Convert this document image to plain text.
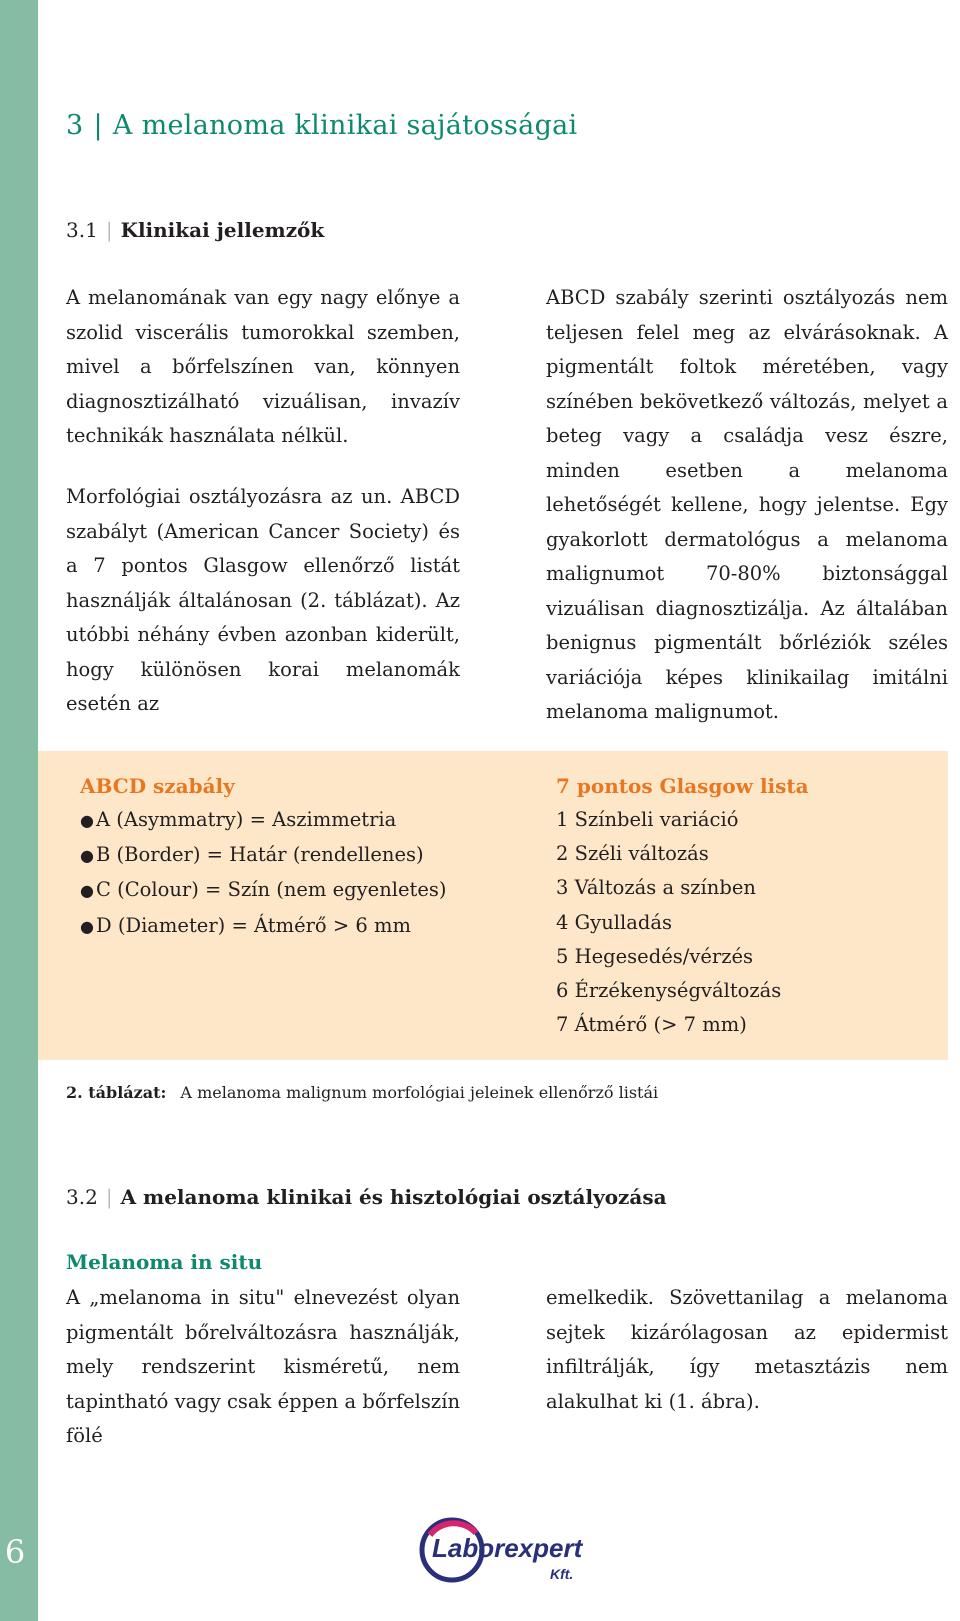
6
3 | A melanoma klinikai sajátosságai
3.1 | Klinikai jellemzők

A melanomának van egy nagy előnye a szolid viscerális tumorokkal szemben, mivel a bőrfelszínen van, könnyen diagnosztizálható vizuálisan, invazív technikák használata nélkül.

Morfológiai osztályozásra az un. ABCD szabályt (American Cancer Society) és a 7 pontos Glasgow ellenőrző listát használják általánosan (2. táblázat). Az utóbbi néhány évben azonban kiderült, hogy különösen korai melanomák esetén az

ABCD szabály szerinti osztályozás nem teljesen felel meg az elvárásoknak. A pigmentált foltok méretében, vagy színében bekövetkező változás, melyet a beteg vagy a családja vesz észre, minden esetben a melanoma lehetőségét kellene, hogy jelentse. Egy gyakorlott dermatológus a melanoma malignumot 70-80% biztonsággal vizuálisan diagnosztizálja. Az általában benignus pigmentált bőrléziók széles variációja képes klinikailag imitálni melanoma malignumot.

ABCD szabály

● A (Asymmatry) = Aszimmetria
● B (Border) = Határ (rendellenes)
● C (Colour) = Szín (nem egyenletes)
● D (Diameter) = Átmérő > 6 mm

7 pontos Glasgow lista

1 Színbeli variáció
2 Széli változás
3 Változás a színben
4 Gyulladás
5 Hegesedés/vérzés
6 Érzékenységváltozás
7 Átmérő (> 7 mm)

2. táblázat: A melanoma malignum morfológiai jeleinek ellenőrző listái

3.2 | A melanoma klinikai és hisztológiai osztályozása
Melanoma in situ

A „melanoma in situ" elnevezést olyan pigmentált bőrelváltozásra használják, mely rendszerint kisméretű, nem tapintható vagy csak éppen a bőrfelszín fölé

emelkedik. Szövettanilag a melanoma sejtek kizárólagosan az epidermist infiltrálják, így metasztázis nem alakulhat ki (1. ábra).

Laborexpert
Kft.
